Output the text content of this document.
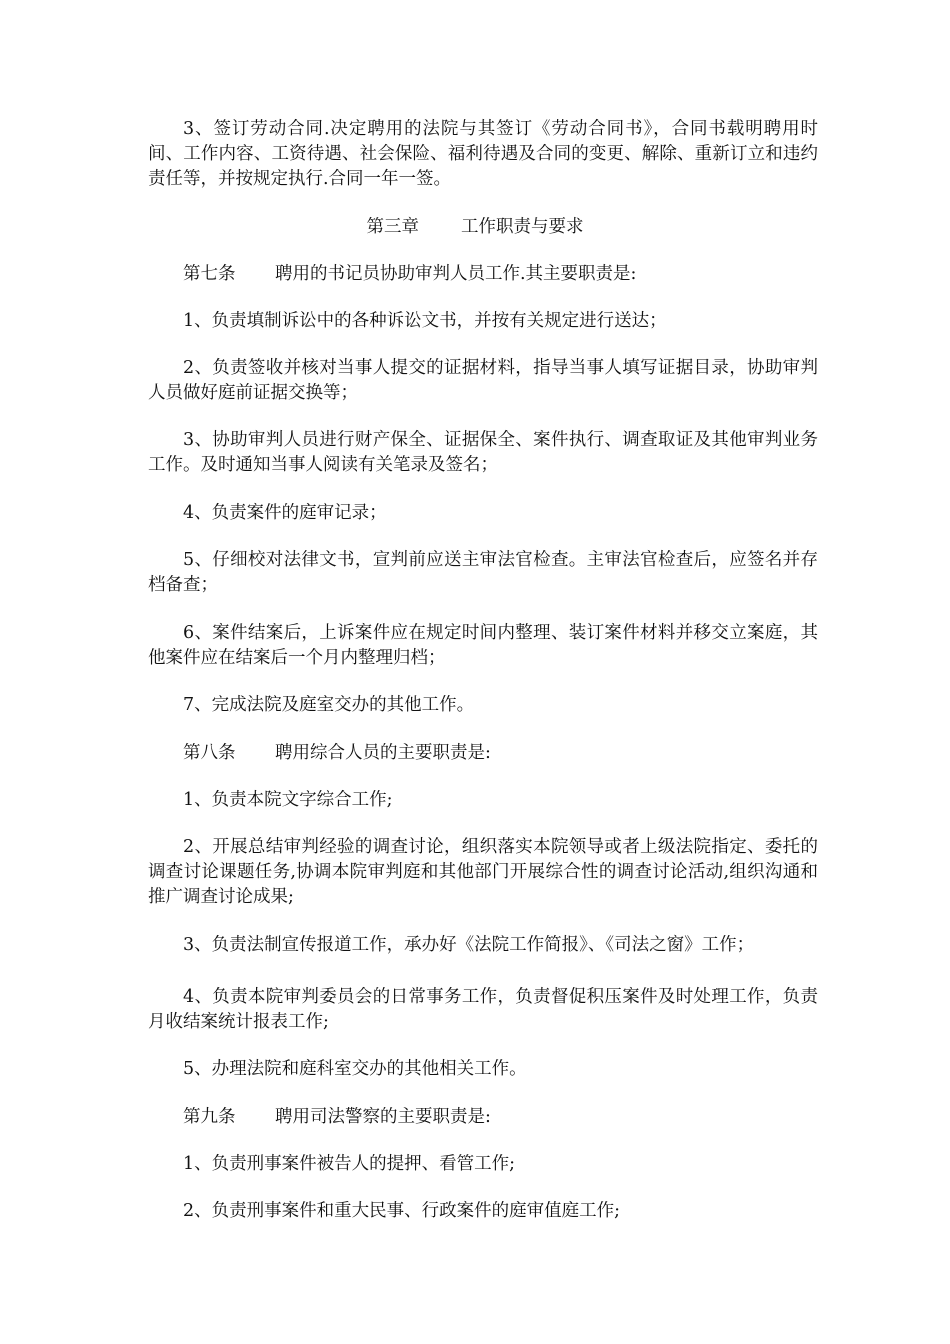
3、签订劳动合同.决定聘用的法院与其签订《劳动合同书》，合同书载明聘用时间、工作内容、工资待遇、社会保险、福利待遇及合同的变更、解除、重新订立和违约责任等，并按规定执行.合同一年一签。

第三章 工作职责与要求

第七条 聘用的书记员协助审判人员工作.其主要职责是:

1、负责填制诉讼中的各种诉讼文书，并按有关规定进行送达；

2、负责签收并核对当事人提交的证据材料，指导当事人填写证据目录，协助审判人员做好庭前证据交换等；

3、协助审判人员进行财产保全、证据保全、案件执行、调查取证及其他审判业务工作。及时通知当事人阅读有关笔录及签名；

4、负责案件的庭审记录；

5、仔细校对法律文书，宣判前应送主审法官检查。主审法官检查后，应签名并存档备查；

6、案件结案后，上诉案件应在规定时间内整理、装订案件材料并移交立案庭，其他案件应在结案后一个月内整理归档；

7、完成法院及庭室交办的其他工作。

第八条 聘用综合人员的主要职责是:

1、负责本院文字综合工作;

2、开展总结审判经验的调查讨论，组织落实本院领导或者上级法院指定、委托的调查讨论课题任务,协调本院审判庭和其他部门开展综合性的调查讨论活动,组织沟通和推广调查讨论成果;

3、负责法制宣传报道工作，承办好《法院工作简报》、《司法之窗》工作；

4、负责本院审判委员会的日常事务工作，负责督促积压案件及时处理工作，负责月收结案统计报表工作;

5、办理法院和庭科室交办的其他相关工作。

第九条 聘用司法警察的主要职责是:

1、负责刑事案件被告人的提押、看管工作;

2、负责刑事案件和重大民事、行政案件的庭审值庭工作;
